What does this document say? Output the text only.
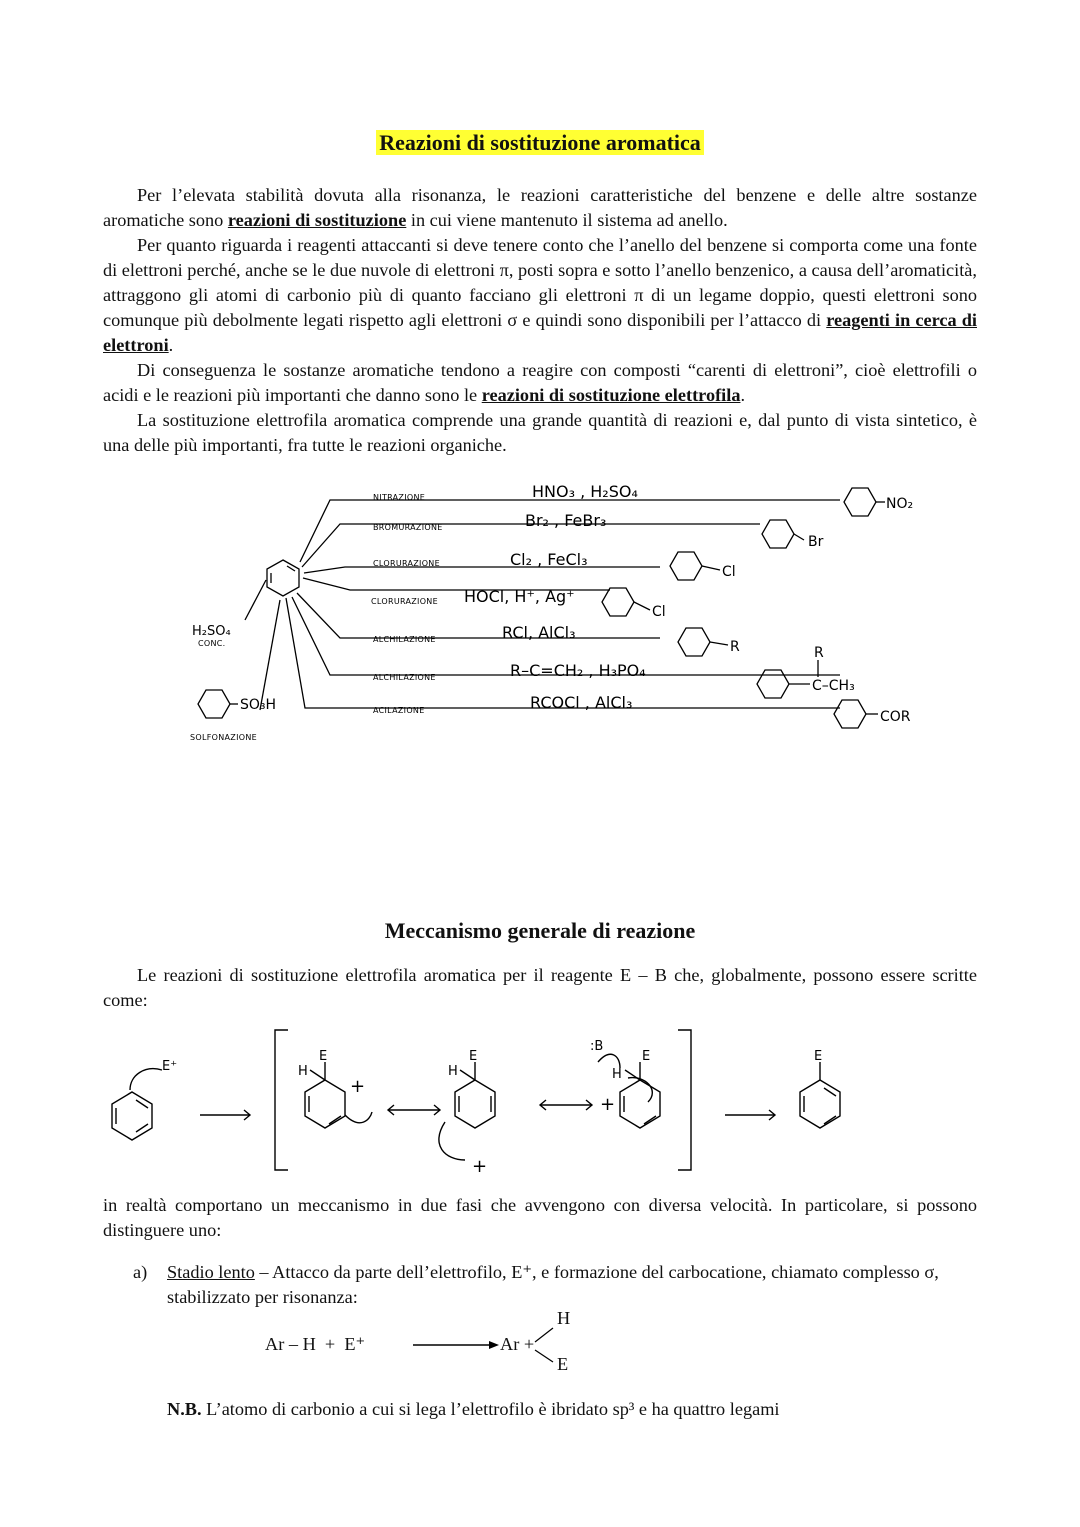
Reazioni di sostituzione aromatica

Per l’elevata stabilità dovuta alla risonanza, le reazioni caratteristiche del benzene e delle altre sostanze aromatiche sono reazioni di sostituzione in cui viene mantenuto il sistema ad anello.

Per quanto riguarda i reagenti attaccanti si deve tenere conto che l’anello del benzene si comporta come una fonte di elettroni perché, anche se le due nuvole di elettroni π, posti sopra e sotto l’anello benzenico, a causa dell’aromaticità, attraggono gli atomi di carbonio più di quanto facciano gli elettroni π di un legame doppio, questi elettroni sono comunque più debolmente legati rispetto agli elettroni σ e quindi sono disponibili per l’attacco di reagenti in cerca di elettroni.

Di conseguenza le sostanze aromatiche tendono a reagire con composti “carenti di elettroni”, cioè elettrofili o acidi e le reazioni più importanti che danno sono le reazioni di sostituzione elettrofila.

La sostituzione elettrofila aromatica comprende una grande quantità di reazioni e, dal punto di vista sintetico, è una delle più importanti, fra tutte le reazioni organiche.

NITRAZIONE
BROMURAZIONE
CLORURAZIONE
CLORURAZIONE
ALCHILAZIONE
ALCHILAZIONE
ACILAZIONE
HNO₃ , H₂SO₄
Br₂ , FeBr₃
Cl₂ , FeCl₃
HOCl, H⁺, Ag⁺
RCl, AlCl₃
R–C=CH₂ , H₃PO₄
RCOCl , AlCl₃
NO₂
Br
Cl
Cl
R	R
C–CH₃
COR
H₂SO₄
CONC.
SO₃H
SOLFONAZIONE
Meccanismo generale di reazione

Le reazioni di sostituzione elettrofila aromatica per il reagente E – B che, globalmente, possono essere scritte come:

E⁺
E
H
+
E
H
+
:B
E
H
+
E

in realtà comportano un meccanismo in due fasi che avvengono con diversa velocità. In particolare, si possono distinguere uno:

a) Stadio lento – Attacco da parte dell’elettrofilo, E⁺, e formazione del carbocatione, chiamato complesso σ, stabilizzato per risonanza:
Ar – H  +  E⁺	Ar +
H
E
N.B. L’atomo di carbonio a cui si lega l’elettrofilo è ibridato sp³ e ha quattro legami
